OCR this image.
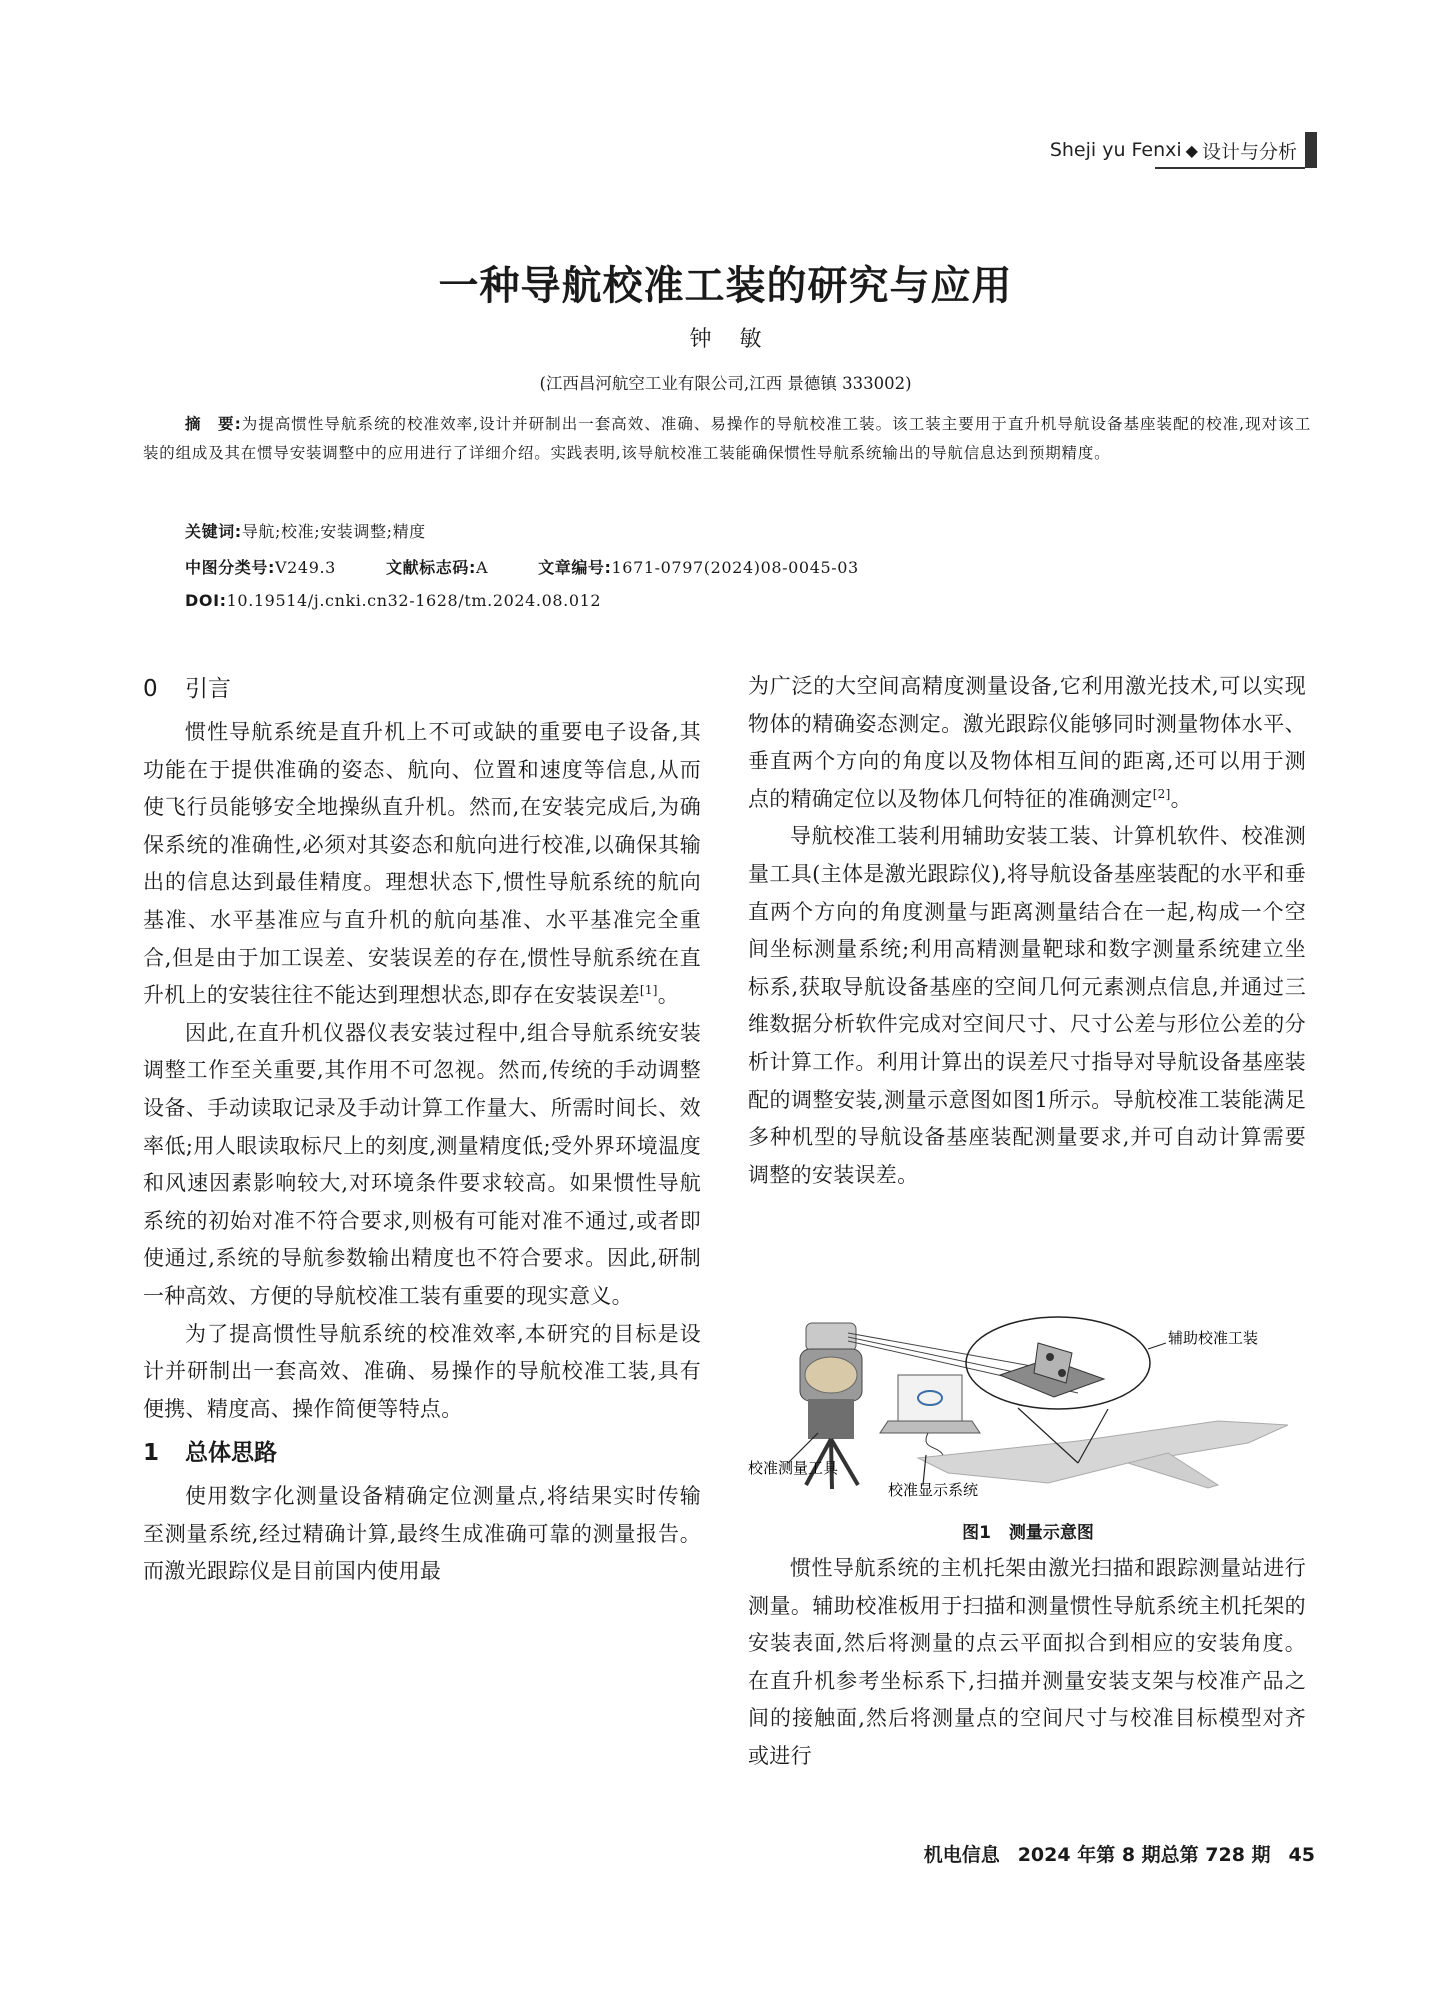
Sheji yu Fenxi ◆ 设计与分析
一种导航校准工装的研究与应用
钟敏
(江西昌河航空工业有限公司,江西 景德镇 333002)
摘　要:为提高惯性导航系统的校准效率,设计并研制出一套高效、准确、易操作的导航校准工装。该工装主要用于直升机导航设备基座装配的校准,现对该工装的组成及其在惯导安装调整中的应用进行了详细介绍。实践表明,该导航校准工装能确保惯性导航系统输出的导航信息达到预期精度。
关键词:导航;校准;安装调整;精度
中图分类号:V249.3	文献标志码:A	文章编号:1671-0797(2024)08-0045-03
DOI:10.19514/j.cnki.cn32-1628/tm.2024.08.012
0 引言

惯性导航系统是直升机上不可或缺的重要电子设备,其功能在于提供准确的姿态、航向、位置和速度等信息,从而使飞行员能够安全地操纵直升机。然而,在安装完成后,为确保系统的准确性,必须对其姿态和航向进行校准,以确保其输出的信息达到最佳精度。理想状态下,惯性导航系统的航向基准、水平基准应与直升机的航向基准、水平基准完全重合,但是由于加工误差、安装误差的存在,惯性导航系统在直升机上的安装往往不能达到理想状态,即存在安装误差[1]。

因此,在直升机仪器仪表安装过程中,组合导航系统安装调整工作至关重要,其作用不可忽视。然而,传统的手动调整设备、手动读取记录及手动计算工作量大、所需时间长、效率低;用人眼读取标尺上的刻度,测量精度低;受外界环境温度和风速因素影响较大,对环境条件要求较高。如果惯性导航系统的初始对准不符合要求,则极有可能对准不通过,或者即使通过,系统的导航参数输出精度也不符合要求。因此,研制一种高效、方便的导航校准工装有重要的现实意义。

为了提高惯性导航系统的校准效率,本研究的目标是设计并研制出一套高效、准确、易操作的导航校准工装,具有便携、精度高、操作简便等特点。

1 总体思路

使用数字化测量设备精确定位测量点,将结果实时传输至测量系统,经过精确计算,最终生成准确可靠的测量报告。而激光跟踪仪是目前国内使用最

为广泛的大空间高精度测量设备,它利用激光技术,可以实现物体的精确姿态测定。激光跟踪仪能够同时测量物体水平、垂直两个方向的角度以及物体相互间的距离,还可以用于测点的精确定位以及物体几何特征的准确测定[2]。

导航校准工装利用辅助安装工装、计算机软件、校准测量工具(主体是激光跟踪仪),将导航设备基座装配的水平和垂直两个方向的角度测量与距离测量结合在一起,构成一个空间坐标测量系统;利用高精测量靶球和数字测量系统建立坐标系,获取导航设备基座的空间几何元素测点信息,并通过三维数据分析软件完成对空间尺寸、尺寸公差与形位公差的分析计算工作。利用计算出的误差尺寸指导对导航设备基座装配的调整安装,测量示意图如图1所示。导航校准工装能满足多种机型的导航设备基座装配测量要求,并可自动计算需要调整的安装误差。

辅助校准工装
校准测量工具
校准显示系统
图1 测量示意图

惯性导航系统的主机托架由激光扫描和跟踪测量站进行测量。辅助校准板用于扫描和测量惯性导航系统主机托架的安装表面,然后将测量的点云平面拟合到相应的安装角度。在直升机参考坐标系下,扫描并测量安装支架与校准产品之间的接触面,然后将测量点的空间尺寸与校准目标模型对齐或进行

机电信息 2024 年第 8 期总第 728 期 45
